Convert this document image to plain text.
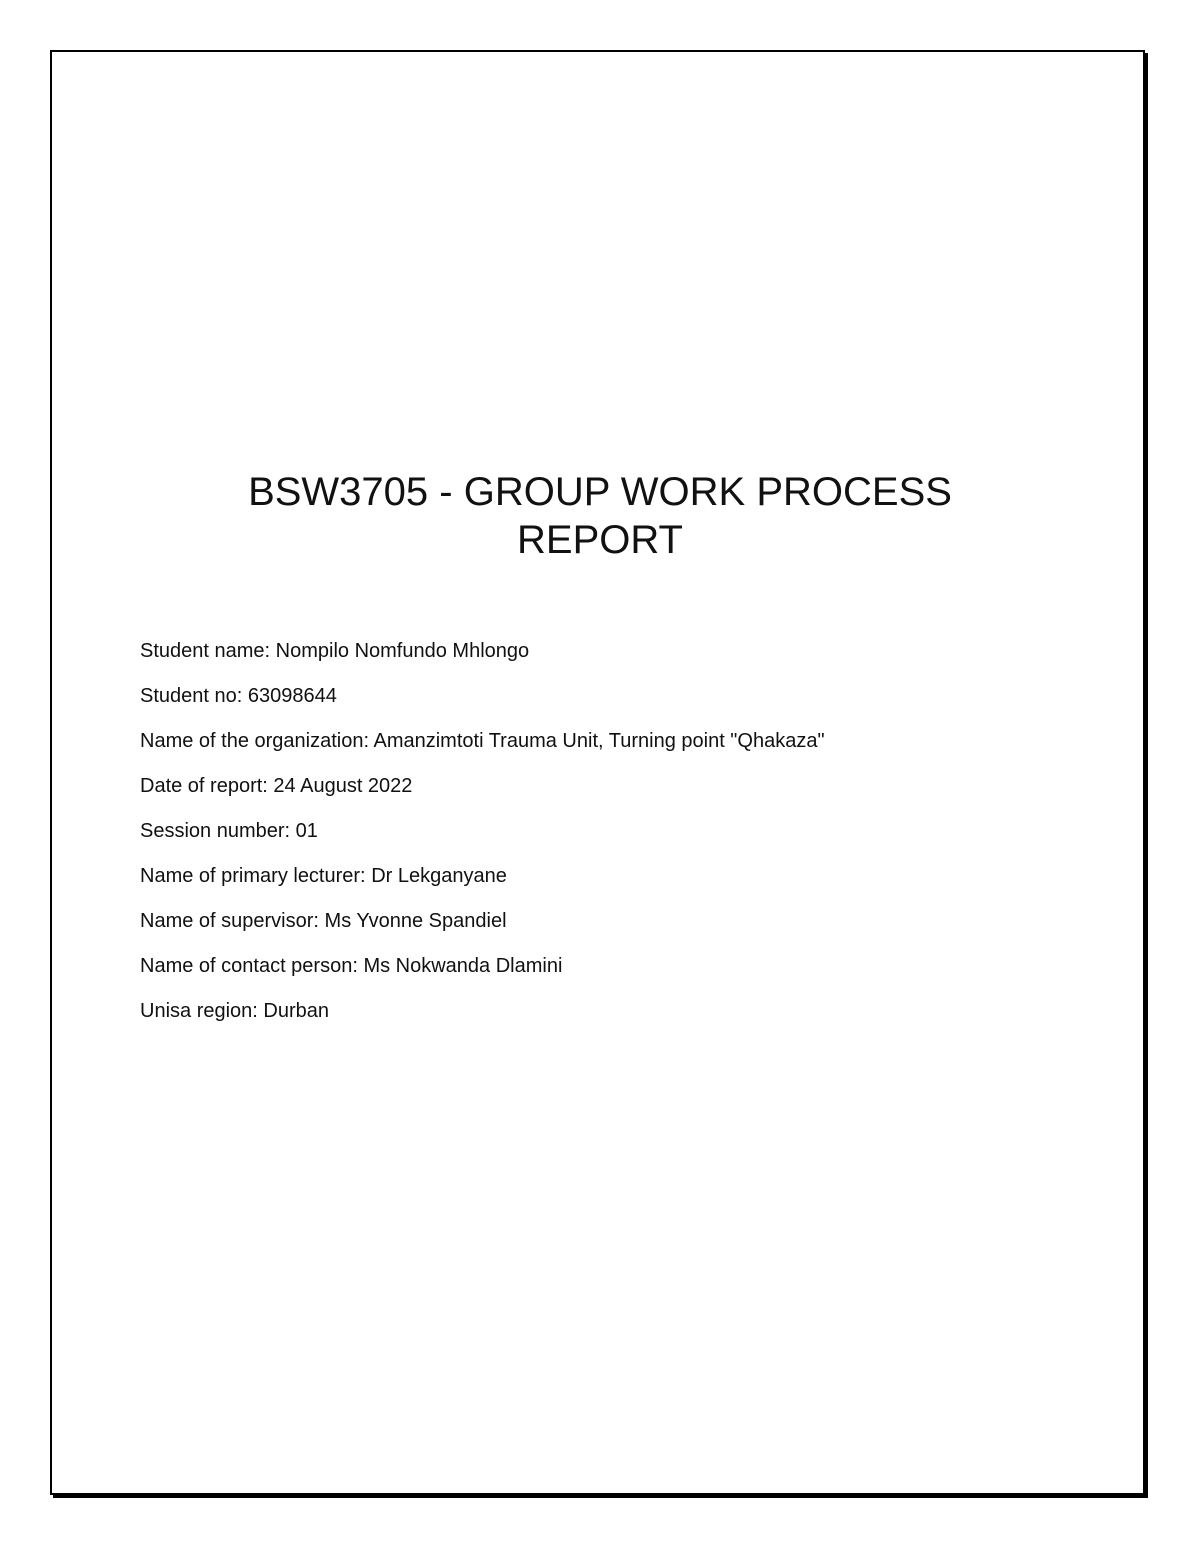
BSW3705 - GROUP WORK PROCESS
REPORT
Student name: Nompilo Nomfundo Mhlongo
Student no: 63098644
Name of the organization: Amanzimtoti Trauma Unit, Turning point "Qhakaza"
Date of report: 24 August 2022
Session number: 01
Name of primary lecturer: Dr Lekganyane
Name of supervisor: Ms Yvonne Spandiel
Name of contact person: Ms Nokwanda Dlamini
Unisa region: Durban
